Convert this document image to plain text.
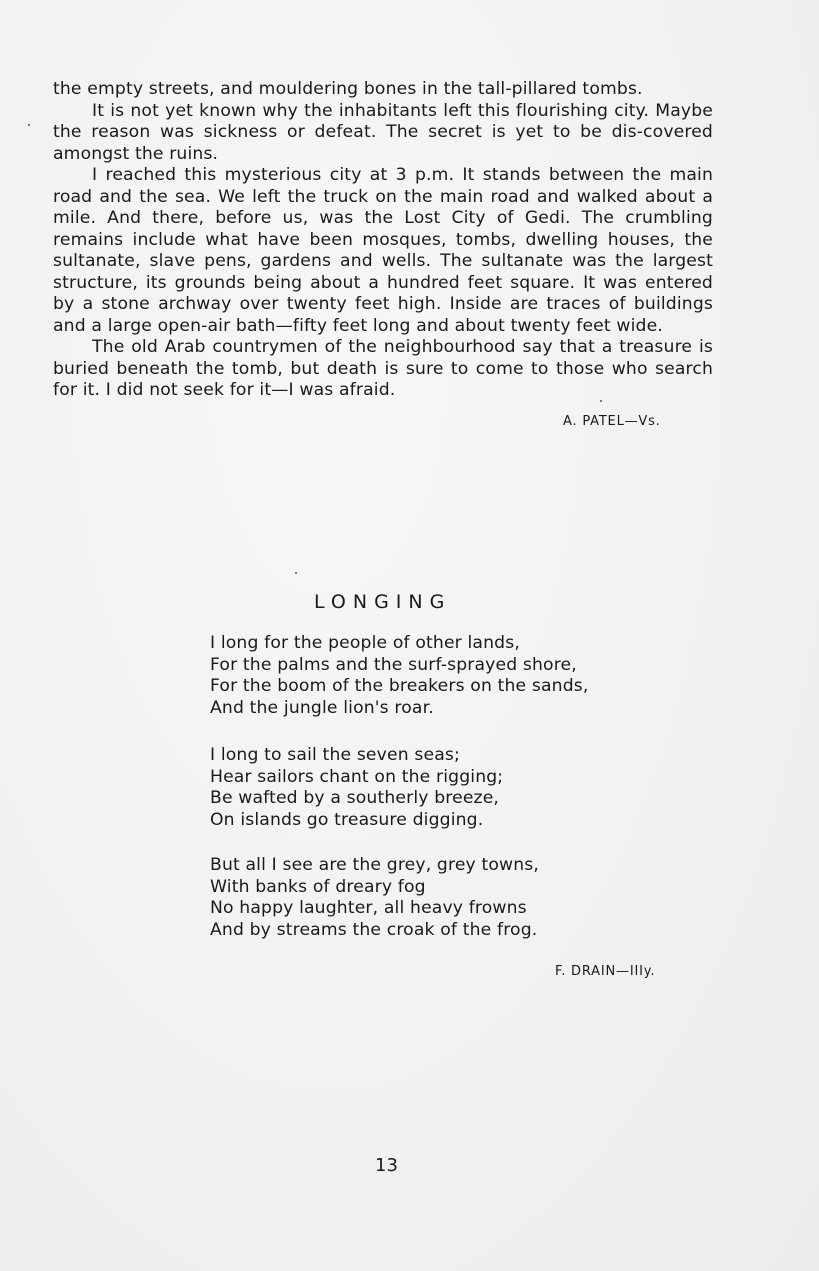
the empty streets, and mouldering bones in the tall-pillared tombs.

It is not yet known why the inhabitants left this flourishing city. Maybe the reason was sickness or defeat. The secret is yet to be dis-covered amongst the ruins.

I reached this mysterious city at 3 p.m. It stands between the main road and the sea. We left the truck on the main road and walked about a mile. And there, before us, was the Lost City of Gedi. The crumbling remains include what have been mosques, tombs, dwelling houses, the sultanate, slave pens, gardens and wells. The sultanate was the largest structure, its grounds being about a hundred feet square. It was entered by a stone archway over twenty feet high. Inside are traces of buildings and a large open-air bath—fifty feet long and about twenty feet wide.

The old Arab countrymen of the neighbourhood say that a treasure is buried beneath the tomb, but death is sure to come to those who search for it. I did not seek for it—I was afraid.

A. PATEL—Vs.
LONGING
I long for the people of other lands,
For the palms and the surf-sprayed shore,
For the boom of the breakers on the sands,
And the jungle lion's roar.
I long to sail the seven seas;
Hear sailors chant on the rigging;
Be wafted by a southerly breeze,
On islands go treasure digging.
But all I see are the grey, grey towns,
With banks of dreary fog
No happy laughter, all heavy frowns
And by streams the croak of the frog.
F. DRAIN—IIIy.
13
